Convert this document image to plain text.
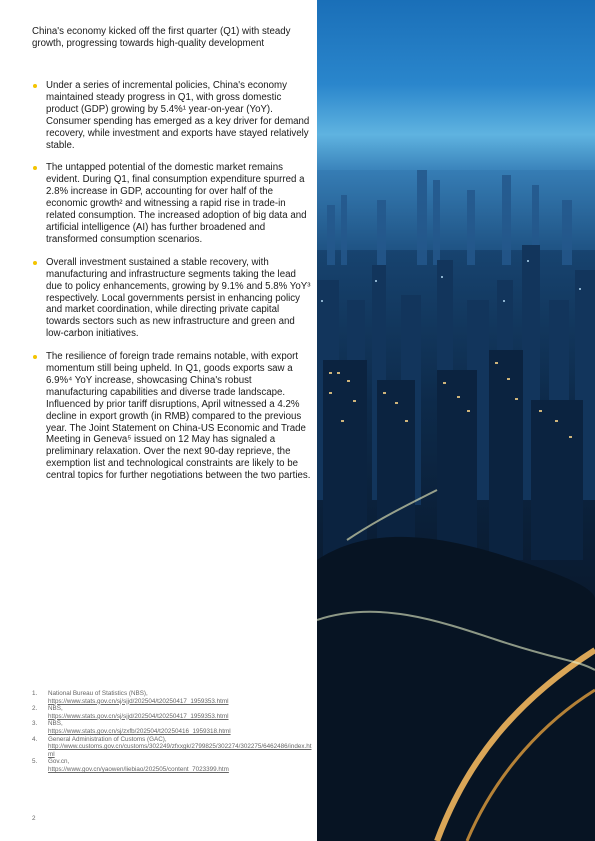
China's economy kicked off the first quarter (Q1) with steady growth, progressing towards high-quality development
Under a series of incremental policies, China's economy maintained steady progress in Q1, with gross domestic product (GDP) growing by 5.4%¹ year-on-year (YoY). Consumer spending has emerged as a key driver for demand recovery, while investment and exports have stayed relatively stable.
The untapped potential of the domestic market remains evident. During Q1, final consumption expenditure spurred a 2.8% increase in GDP, accounting for over half of the economic growth² and witnessing a rapid rise in trade-in related consumption. The increased adoption of big data and artificial intelligence (AI) has further broadened and transformed consumption scenarios.
Overall investment sustained a stable recovery, with manufacturing and infrastructure segments taking the lead due to policy enhancements, growing by 9.1% and 5.8% YoY³ respectively. Local governments persist in enhancing policy and market coordination, while directing private capital towards sectors such as new infrastructure and green and low-carbon initiatives.
The resilience of foreign trade remains notable, with export momentum still being upheld. In Q1, goods exports saw a 6.9%⁴ YoY increase, showcasing China's robust manufacturing capabilities and diverse trade landscape. Influenced by prior tariff disruptions, April witnessed a 4.2% decline in export growth (in RMB) compared to the previous year. The Joint Statement on China-US Economic and Trade Meeting in Geneva⁵ issued on 12 May has signaled a preliminary relaxation. Over the next 90-day reprieve, the exemption list and technological constraints are likely to be central topics for further negotiations between the two parties.
1. National Bureau of Statistics (NBS),
https://www.stats.gov.cn/sj/sjjd/202504/t20250417_1959353.html
2. NBS,
https://www.stats.gov.cn/sj/sjjd/202504/t20250417_1959353.html
3. NBS,
https://www.stats.gov.cn/sj/zxfb/202504/t20250416_1959318.html
4. General Administration of Customs (GAC),
http://www.customs.gov.cn/customs/302249/zfxxgk/2799825/302274/302275/6462486/index.html
5. Gov.cn,
https://www.gov.cn/yaowen/liebiao/202505/content_7023399.htm
2
